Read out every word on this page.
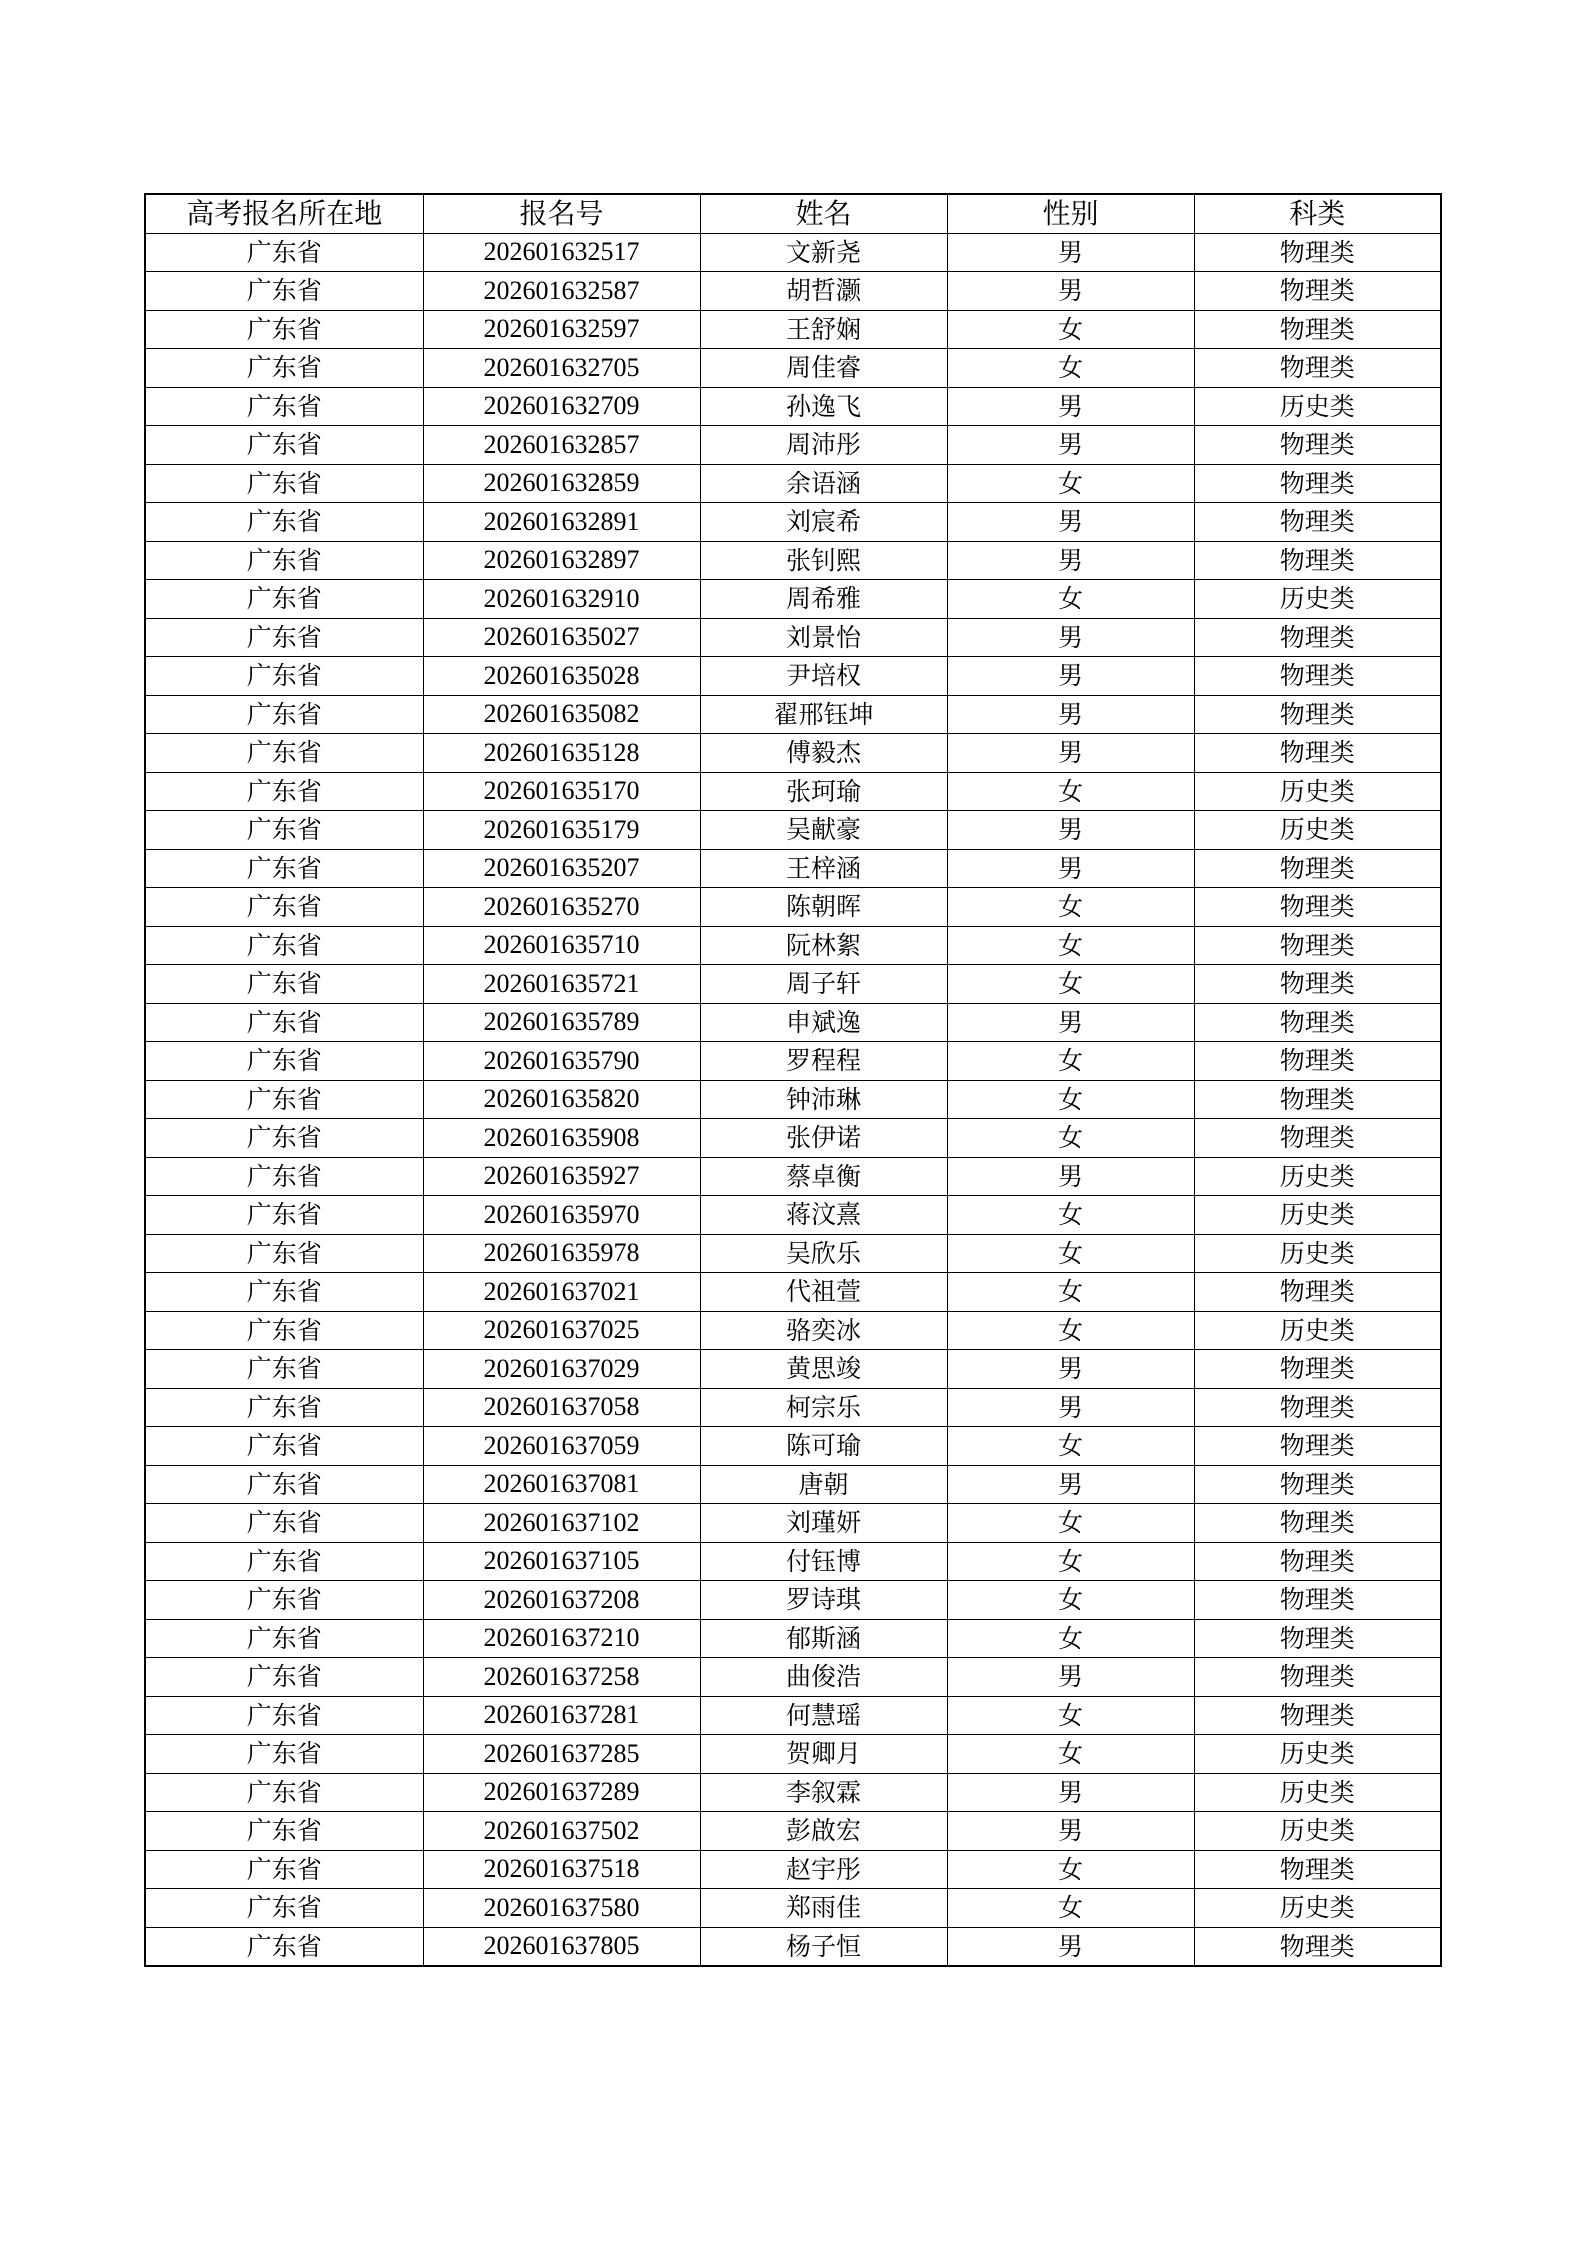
高考报名所在地	报名号	姓名	性别	科类
广东省	202601632517	文新尧	男	物理类
广东省	202601632587	胡哲灏	男	物理类
广东省	202601632597	王舒娴	女	物理类
广东省	202601632705	周佳睿	女	物理类
广东省	202601632709	孙逸飞	男	历史类
广东省	202601632857	周沛彤	男	物理类
广东省	202601632859	余语涵	女	物理类
广东省	202601632891	刘宸希	男	物理类
广东省	202601632897	张钊熙	男	物理类
广东省	202601632910	周希雅	女	历史类
广东省	202601635027	刘景怡	男	物理类
广东省	202601635028	尹培权	男	物理类
广东省	202601635082	翟邢钰坤	男	物理类
广东省	202601635128	傅毅杰	男	物理类
广东省	202601635170	张珂瑜	女	历史类
广东省	202601635179	吴献豪	男	历史类
广东省	202601635207	王梓涵	男	物理类
广东省	202601635270	陈朝晖	女	物理类
广东省	202601635710	阮林絮	女	物理类
广东省	202601635721	周子轩	女	物理类
广东省	202601635789	申斌逸	男	物理类
广东省	202601635790	罗程程	女	物理类
广东省	202601635820	钟沛琳	女	物理类
广东省	202601635908	张伊诺	女	物理类
广东省	202601635927	蔡卓衡	男	历史类
广东省	202601635970	蒋汶熹	女	历史类
广东省	202601635978	吴欣乐	女	历史类
广东省	202601637021	代祖萱	女	物理类
广东省	202601637025	骆奕冰	女	历史类
广东省	202601637029	黄思竣	男	物理类
广东省	202601637058	柯宗乐	男	物理类
广东省	202601637059	陈可瑜	女	物理类
广东省	202601637081	唐朝	男	物理类
广东省	202601637102	刘瑾妍	女	物理类
广东省	202601637105	付钰博	女	物理类
广东省	202601637208	罗诗琪	女	物理类
广东省	202601637210	郁斯涵	女	物理类
广东省	202601637258	曲俊浩	男	物理类
广东省	202601637281	何慧瑶	女	物理类
广东省	202601637285	贺卿月	女	历史类
广东省	202601637289	李叙霖	男	历史类
广东省	202601637502	彭啟宏	男	历史类
广东省	202601637518	赵宇彤	女	物理类
广东省	202601637580	郑雨佳	女	历史类
广东省	202601637805	杨子恒	男	物理类
